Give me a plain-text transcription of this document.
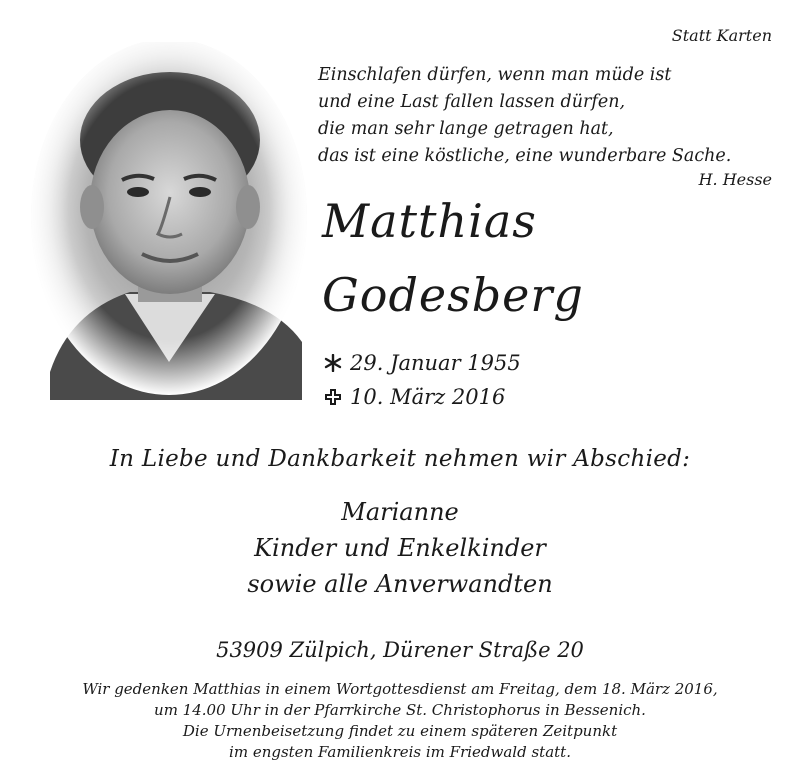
Statt Karten
Einschlafen dürfen, wenn man müde ist
und eine Last fallen lassen dürfen,
die man sehr lange getragen hat,
das ist eine köstliche, eine wunderbare Sache.
H. Hesse
Matthias
Godesberg
29. Januar 1955
10. März 2016
In Liebe und Dankbarkeit nehmen wir Abschied:
Marianne
Kinder und Enkelkinder
sowie alle Anverwandten
53909 Zülpich, Dürener Straße 20
Wir gedenken Matthias in einem Wortgottesdienst am Freitag, dem 18. März 2016,
um 14.00 Uhr in der Pfarrkirche St. Christophorus in Bessenich.
Die Urnenbeisetzung findet zu einem späteren Zeitpunkt
im engsten Familienkreis im Friedwald statt.
